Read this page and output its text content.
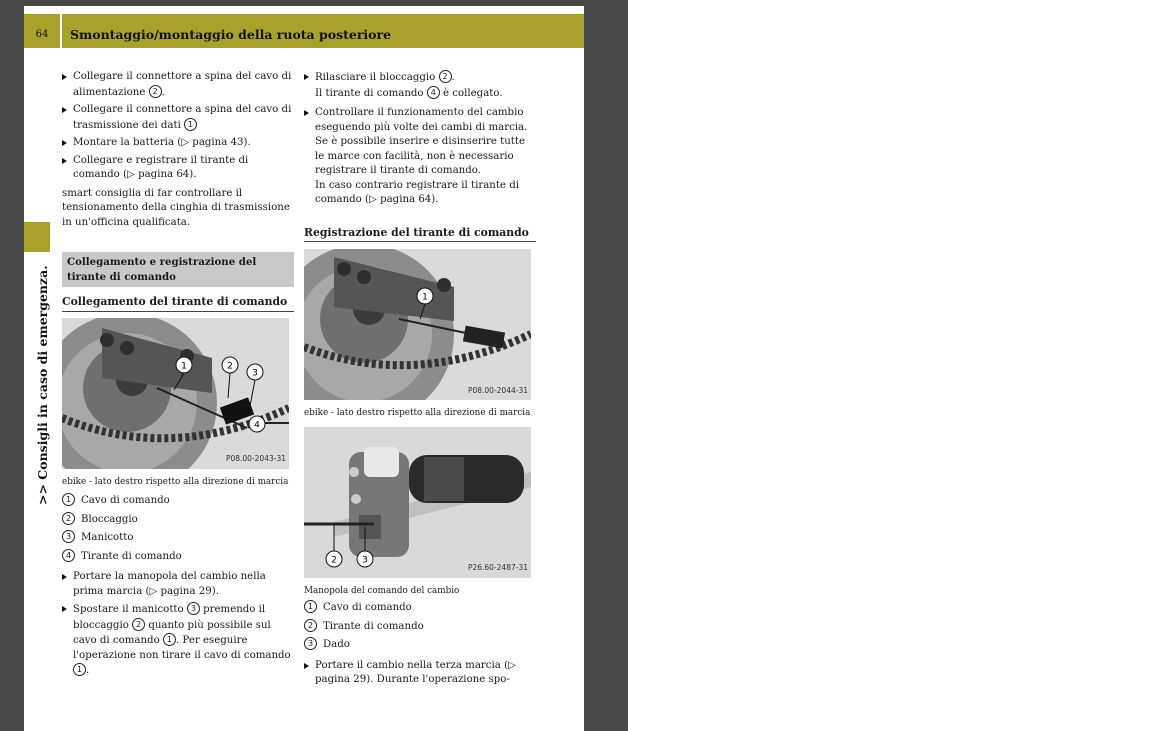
64	Smontaggio/montaggio della ruota posteriore
>> Consigli in caso di emergenza.
Collegare il connettore a spina del cavo di alimentazione 2 .
Collegare il connettore a spina del cavo di trasmissione dei dati 1
Montare la batteria (▷ pagina 43).
Collegare e registrare il tirante di comando (▷ pagina 64).
smart consiglia di far controllare il tensionamento della cinghia di trasmissione in un'officina qualificata.
Collegamento e registrazione del tirante di comando
Collegamento del tirante di comando
1	2
3
4
P08.00-2043-31
ebike - lato destro rispetto alla direzione di marcia
1 Cavo di comando
2 Bloccaggio
3 Manicotto
4 Tirante di comando
Portare la manopola del cambio nella prima marcia (▷ pagina 29).
Spostare il manicotto 3 premendo il bloccaggio 2 quanto più possibile sul cavo di comando 1 . Per eseguire l'operazione non tirare il cavo di comando 1 .
Rilasciare il bloccaggio 2 .
Il tirante di comando 4 è collegato.
Controllare il funzionamento del cambio eseguendo più volte dei cambi di marcia.
Se è possibile inserire e disinserire tutte le marce con facilità, non è necessario registrare il tirante di comando.
In caso contrario registrare il tirante di comando (▷ pagina 64).
Registrazione del tirante di comando
1
P08.00-2044-31
ebike - lato destro rispetto alla direzione di marcia
2	3
P26.60-2487-31
Manopola del comando del cambio
1 Cavo di comando
2 Tirante di comando
3 Dado
Portare il cambio nella terza marcia (▷ pagina 29). Durante l'operazione spo-
